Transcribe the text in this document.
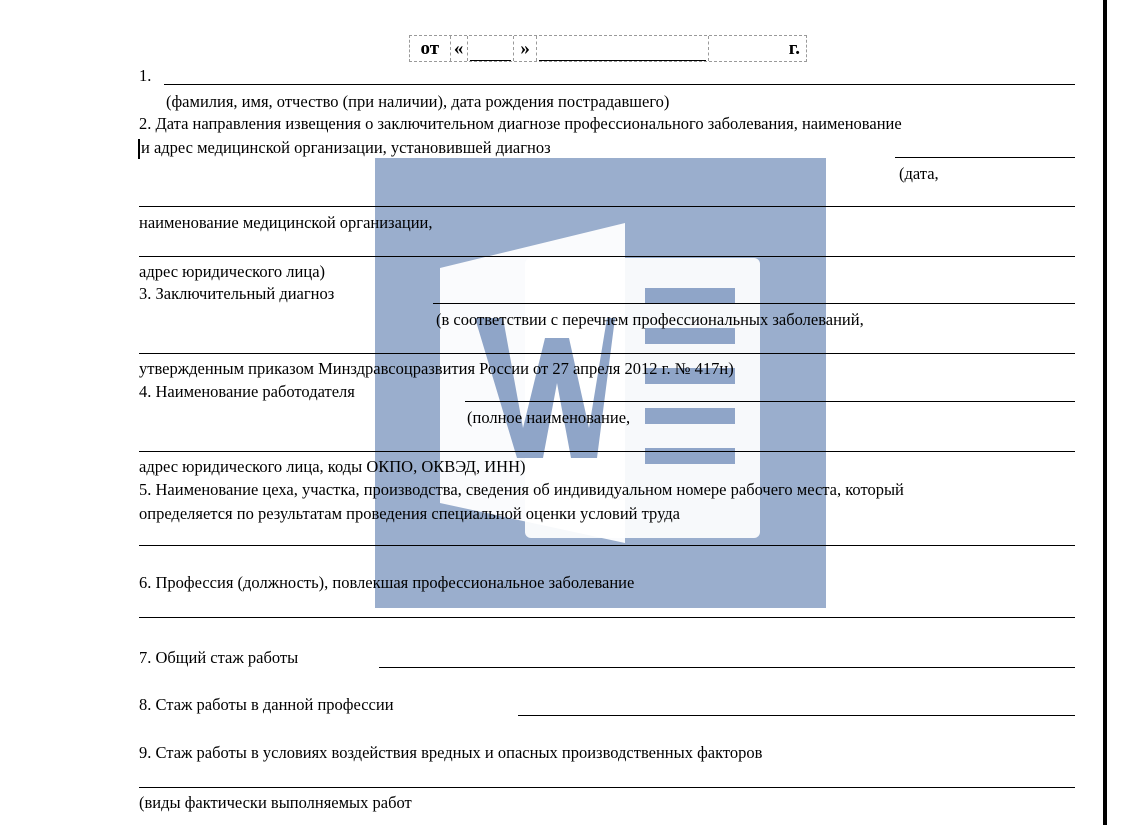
от «	»	г.
1.
(фамилия, имя, отчество (при наличии), дата рождения пострадавшего)
2. Дата направления извещения о заключительном диагнозе профессионального заболевания, наименование
и адрес медицинской организации, установившей диагноз
(дата,
наименование медицинской организации,
адрес юридического лица)
3. Заключительный диагноз
(в соответствии с перечнем профессиональных заболеваний,
утвержденным приказом Минздравсоцразвития России от 27 апреля 2012 г. № 417н)
4. Наименование работодателя
(полное наименование,
адрес юридического лица, коды ОКПО, ОКВЭД, ИНН)
5. Наименование цеха, участка, производства, сведения об индивидуальном номере рабочего места, который
определяется по результатам проведения специальной оценки условий труда
6. Профессия (должность), повлекшая профессиональное заболевание
7. Общий стаж работы
8. Стаж работы в данной профессии
9. Стаж работы в условиях воздействия вредных и опасных производственных факторов
(виды фактически выполняемых работ
